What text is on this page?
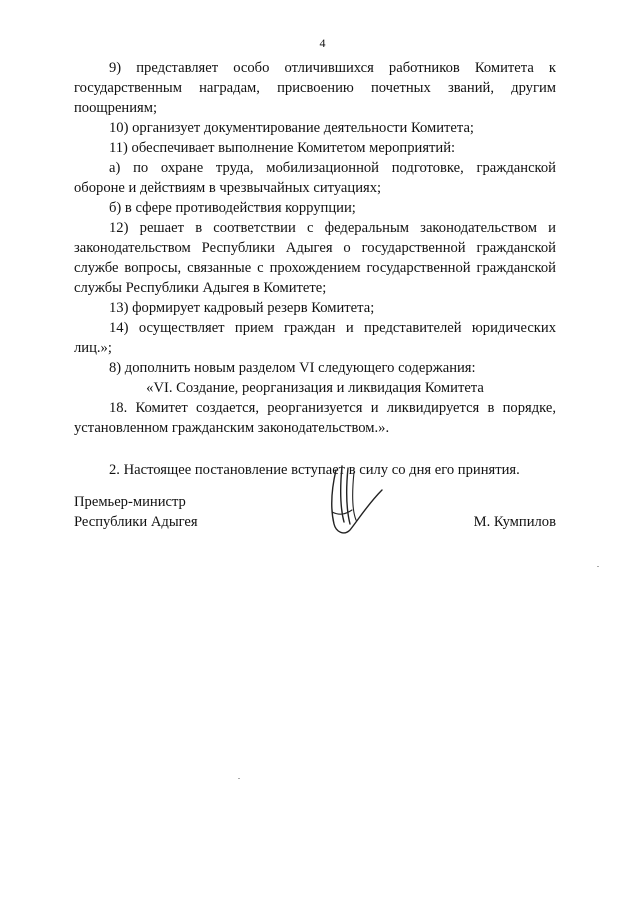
4

9) представляет особо отличившихся работников Комитета к государственным наградам, присвоению почетных званий, другим поощрениям;

10) организует документирование деятельности Комитета;

11) обеспечивает выполнение Комитетом мероприятий:

а) по охране труда, мобилизационной подготовке, гражданской обороне и действиям в чрезвычайных ситуациях;

б) в сфере противодействия коррупции;

12) решает в соответствии с федеральным законодательством и законодательством Республики Адыгея о государственной гражданской службе вопросы, связанные с прохождением государственной гражданской службы Республики Адыгея в Комитете;

13) формирует кадровый резерв Комитета;

14) осуществляет прием граждан и представителей юридических лиц.»;

8) дополнить новым разделом VI следующего содержания:

«VI. Создание, реорганизация и ликвидация Комитета

18. Комитет создается, реорганизуется и ликвидируется в порядке, установленном гражданским законодательством.».

2. Настоящее постановление вступает в силу со дня его принятия.

Премьер-министр
Республики Адыгея	М. Кумпилов
